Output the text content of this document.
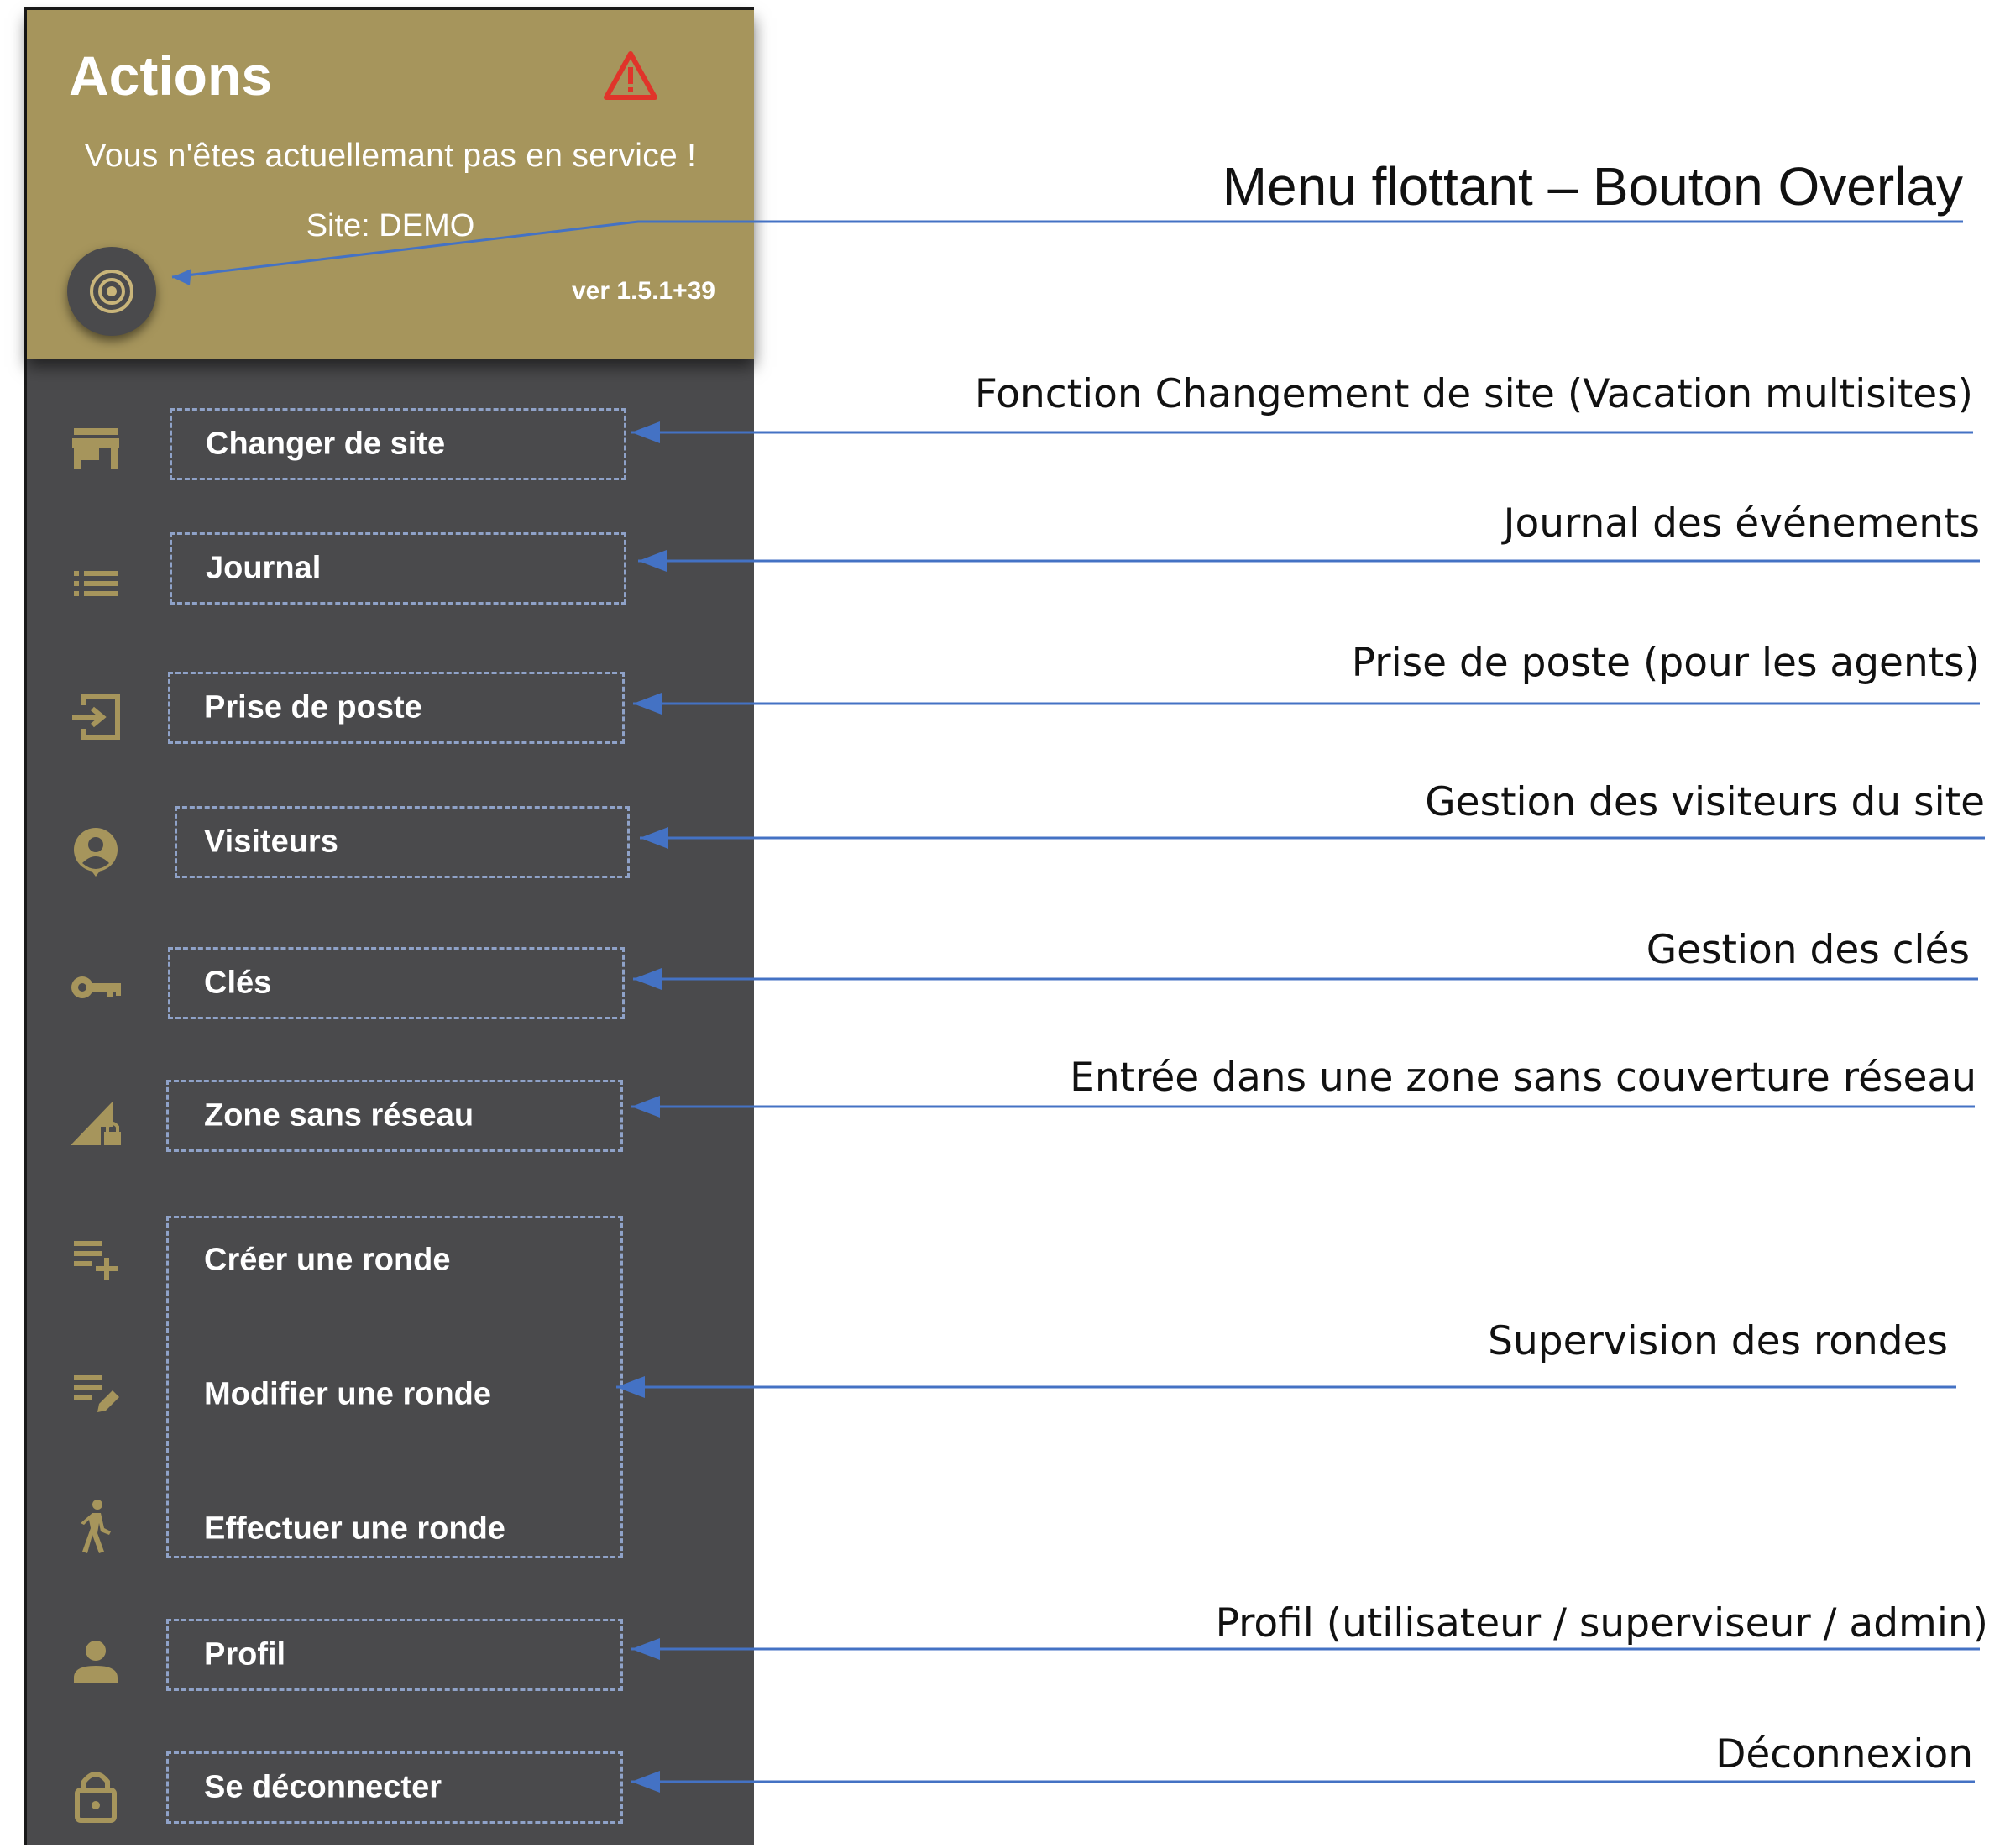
Actions
Vous n'êtes actuellemant pas en service !
Site: DEMO
ver 1.5.1+39
Changer de site
Journal
Prise de poste
Visiteurs
Clés
Zone sans réseau
Créer une ronde
Modifier une ronde
Effectuer une ronde
Profil
Se déconnecter
Menu flottant – Bouton Overlay
Fonction Changement de site (Vacation multisites)
Journal des événements
Prise de poste (pour les agents)
Gestion des visiteurs du site
Gestion des clés
Entrée dans une zone sans couverture réseau
Supervision des rondes
Profil (utilisateur / superviseur / admin)
Déconnexion
